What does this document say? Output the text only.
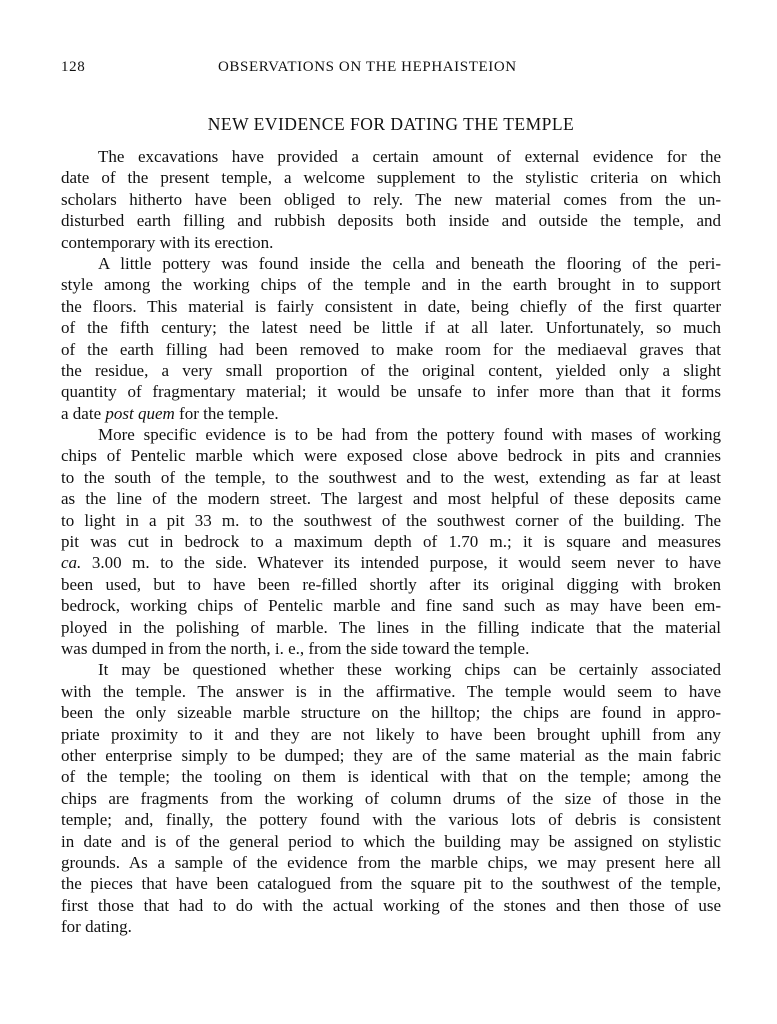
128	OBSERVATIONS ON THE HEPHAISTEION
NEW EVIDENCE FOR DATING THE TEMPLE
The excavations have provided a certain amount of external evidence for the
date of the present temple, a welcome supplement to the stylistic criteria on which
scholars hitherto have been obliged to rely. The new material comes from the un-
disturbed earth filling and rubbish deposits both inside and outside the temple, and
contemporary with its erection.
A little pottery was found inside the cella and beneath the flooring of the peri-
style among the working chips of the temple and in the earth brought in to support
the floors. This material is fairly consistent in date, being chiefly of the first quarter
of the fifth century; the latest need be little if at all later. Unfortunately, so much
of the earth filling had been removed to make room for the mediaeval graves that
the residue, a very small proportion of the original content, yielded only a slight
quantity of fragmentary material; it would be unsafe to infer more than that it forms
a date post quem for the temple.
More specific evidence is to be had from the pottery found with mases of working
chips of Pentelic marble which were exposed close above bedrock in pits and crannies
to the south of the temple, to the southwest and to the west, extending as far at least
as the line of the modern street. The largest and most helpful of these deposits came
to light in a pit 33 m. to the southwest of the southwest corner of the building. The
pit was cut in bedrock to a maximum depth of 1.70 m.; it is square and measures
ca. 3.00 m. to the side. Whatever its intended purpose, it would seem never to have
been used, but to have been re-filled shortly after its original digging with broken
bedrock, working chips of Pentelic marble and fine sand such as may have been em-
ployed in the polishing of marble. The lines in the filling indicate that the material
was dumped in from the north, i. e., from the side toward the temple.
It may be questioned whether these working chips can be certainly associated
with the temple. The answer is in the affirmative. The temple would seem to have
been the only sizeable marble structure on the hilltop; the chips are found in appro-
priate proximity to it and they are not likely to have been brought uphill from any
other enterprise simply to be dumped; they are of the same material as the main fabric
of the temple; the tooling on them is identical with that on the temple; among the
chips are fragments from the working of column drums of the size of those in the
temple; and, finally, the pottery found with the various lots of debris is consistent
in date and is of the general period to which the building may be assigned on stylistic
grounds. As a sample of the evidence from the marble chips, we may present here all
the pieces that have been catalogued from the square pit to the southwest of the temple,
first those that had to do with the actual working of the stones and then those of use
for dating.
